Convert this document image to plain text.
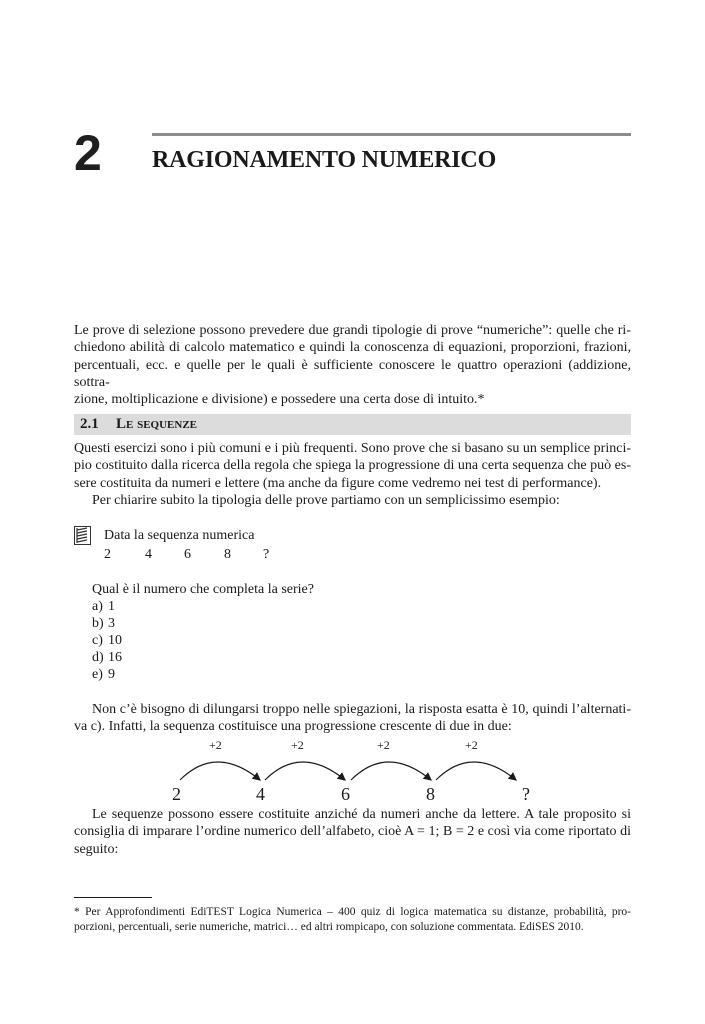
2 RAGIONAMENTO NUMERICO
Le prove di selezione possono prevedere due grandi tipologie di prove “numeriche”: quelle che ri-
chiedono abilità di calcolo matematico e quindi la conoscenza di equazioni, proporzioni, frazioni,
percentuali, ecc. e quelle per le quali è sufficiente conoscere le quattro operazioni (addizione, sottra-
zione, moltiplicazione e divisione) e possedere una certa dose di intuito.*
2.1 Le sequenze
Questi esercizi sono i più comuni e i più frequenti. Sono prove che si basano su un semplice princi-
pio costituito dalla ricerca della regola che spiega la progressione di una certa sequenza che può es-
sere costituita da numeri e lettere (ma anche da figure come vedremo nei test di performance).
Per chiarire subito la tipologia delle prove partiamo con un semplicissimo esempio:
Data la sequenza numerica
2 4 6 8 ?
Qual è il numero che completa la serie?
a) 1
b) 3
c) 10
d) 16
e) 9
Non c’è bisogno di dilungarsi troppo nelle spiegazioni, la risposta esatta è 10, quindi l’alternati-
va c). Infatti, la sequenza costituisce una progressione crescente di due in due:
+2	+2	+2	+2
2	4	6	8	?
Le sequenze possono essere costituite anziché da numeri anche da lettere. A tale proposito si
consiglia di imparare l’ordine numerico dell’alfabeto, cioè A = 1; B = 2 e così via come riportato di
seguito:
* Per Approfondimenti EdiTEST Logica Numerica – 400 quiz di logica matematica su distanze, probabilità, pro-
porzioni, percentuali, serie numeriche, matrici… ed altri rompicapo, con soluzione commentata. EdiSES 2010.
